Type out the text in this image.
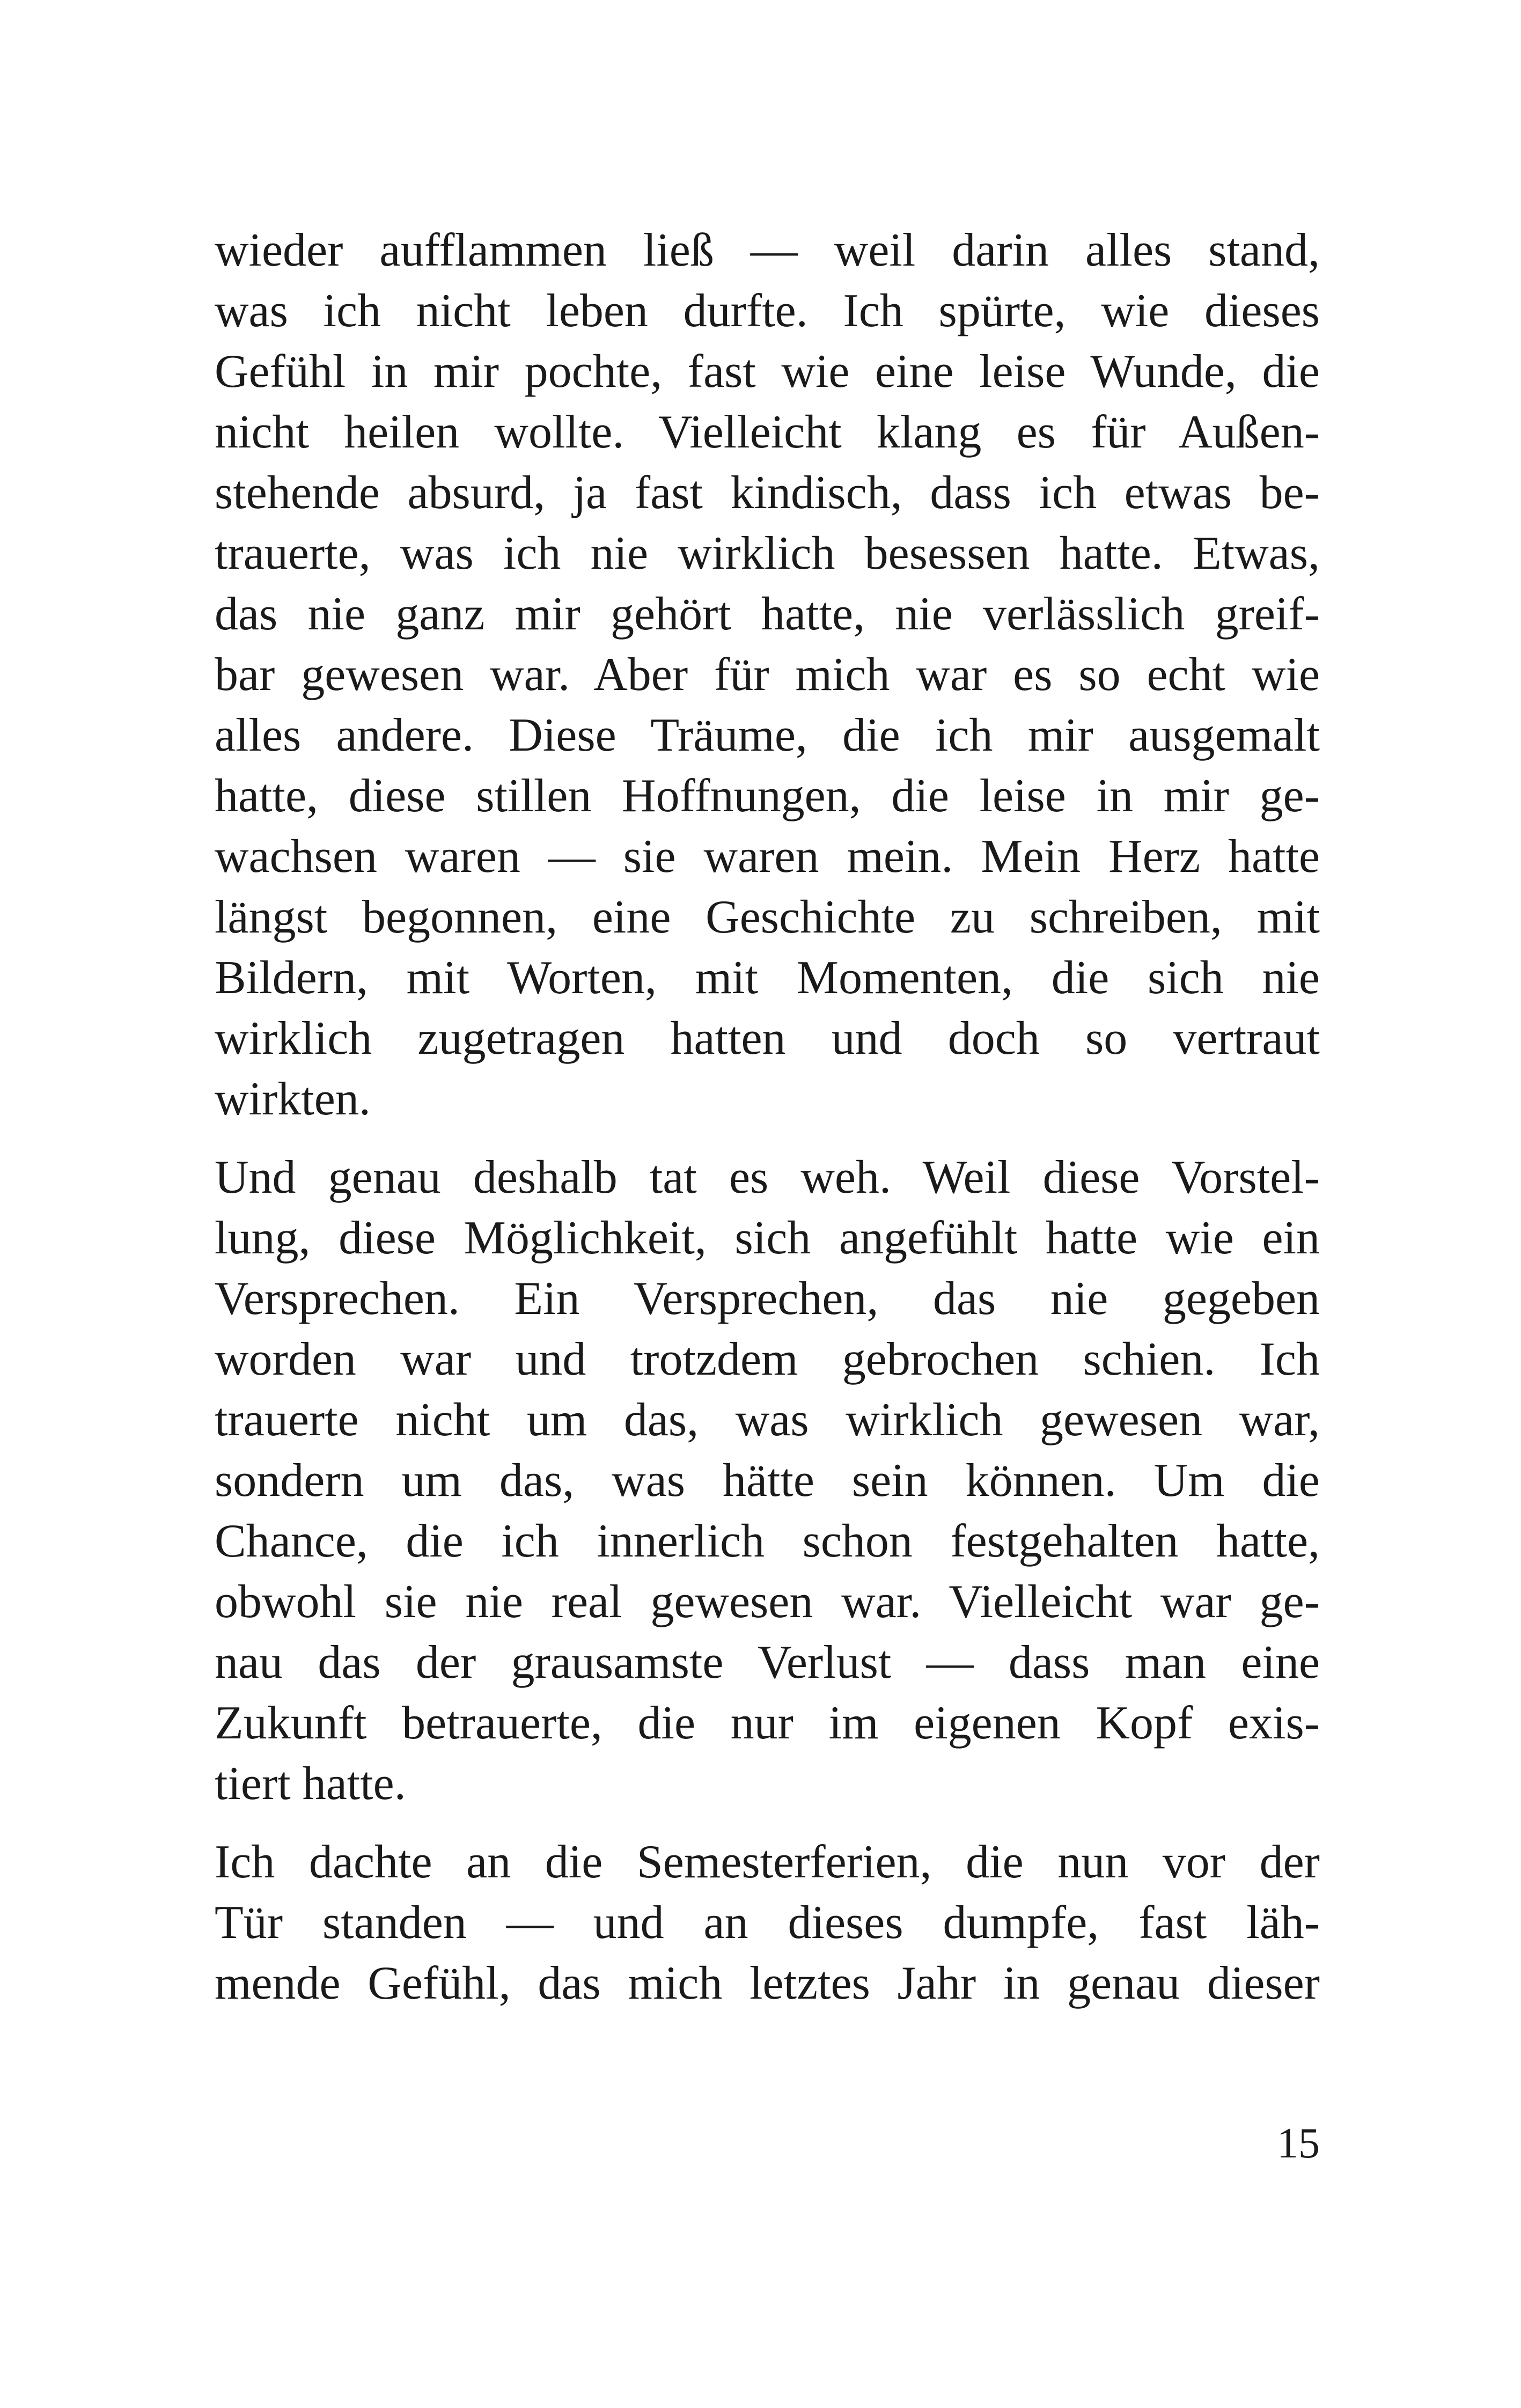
wieder aufflammen ließ — weil darin alles stand,
was ich nicht leben durfte. Ich spürte, wie dieses
Gefühl in mir pochte, fast wie eine leise Wunde, die
nicht heilen wollte. Vielleicht klang es für Außen-
stehende absurd, ja fast kindisch, dass ich etwas be-
trauerte, was ich nie wirklich besessen hatte. Etwas,
das nie ganz mir gehört hatte, nie verlässlich greif-
bar gewesen war. Aber für mich war es so echt wie
alles andere. Diese Träume, die ich mir ausgemalt
hatte, diese stillen Hoffnungen, die leise in mir ge-
wachsen waren — sie waren mein. Mein Herz hatte
längst begonnen, eine Geschichte zu schreiben, mit
Bildern, mit Worten, mit Momenten, die sich nie
wirklich zugetragen hatten und doch so vertraut
wirkten.

Und genau deshalb tat es weh. Weil diese Vorstel-
lung, diese Möglichkeit, sich angefühlt hatte wie ein
Versprechen. Ein Versprechen, das nie gegeben
worden war und trotzdem gebrochen schien. Ich
trauerte nicht um das, was wirklich gewesen war,
sondern um das, was hätte sein können. Um die
Chance, die ich innerlich schon festgehalten hatte,
obwohl sie nie real gewesen war. Vielleicht war ge-
nau das der grausamste Verlust — dass man eine
Zukunft betrauerte, die nur im eigenen Kopf exis-
tiert hatte.

Ich dachte an die Semesterferien, die nun vor der
Tür standen — und an dieses dumpfe, fast läh-
mende Gefühl, das mich letztes Jahr in genau dieser

15
